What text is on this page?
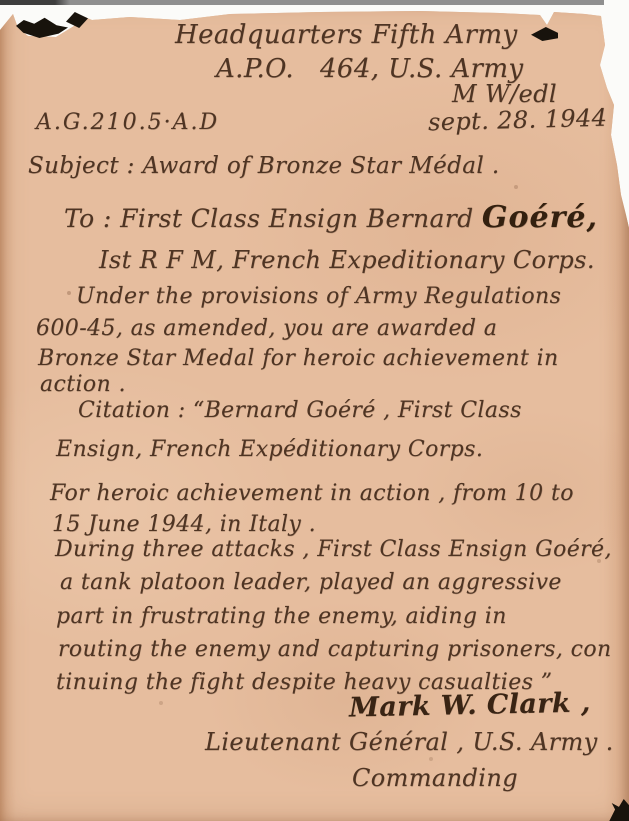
Headquarters Fifth Army
A.P.O.   464, U.S. Army
M W/edl
A.G.210.5·A.D	sept. 28. 1944
Subject : Award of Bronze Star Médal .
To : First Class Ensign Bernard Goéré,
Ist R F M, French Expeditionary Corps.
Under the provisions of Army Regulations
600-45, as amended, you are awarded a
Bronze Star Medal for heroic achievement in
action .
Citation : “Bernard Goéré , First Class
Ensign, French Expéditionary Corps.
For heroic achievement in action , from 10 to
15 June 1944, in Italy .
During three attacks , First Class Ensign Goéré,
a tank platoon leader, played an aggressive
part in frustrating the enemy, aiding in
routing the enemy and capturing prisoners, con
tinuing the fight despite heavy casualties ”
Mark W. Clark ,
Lieutenant Général , U.S. Army .
Commanding
